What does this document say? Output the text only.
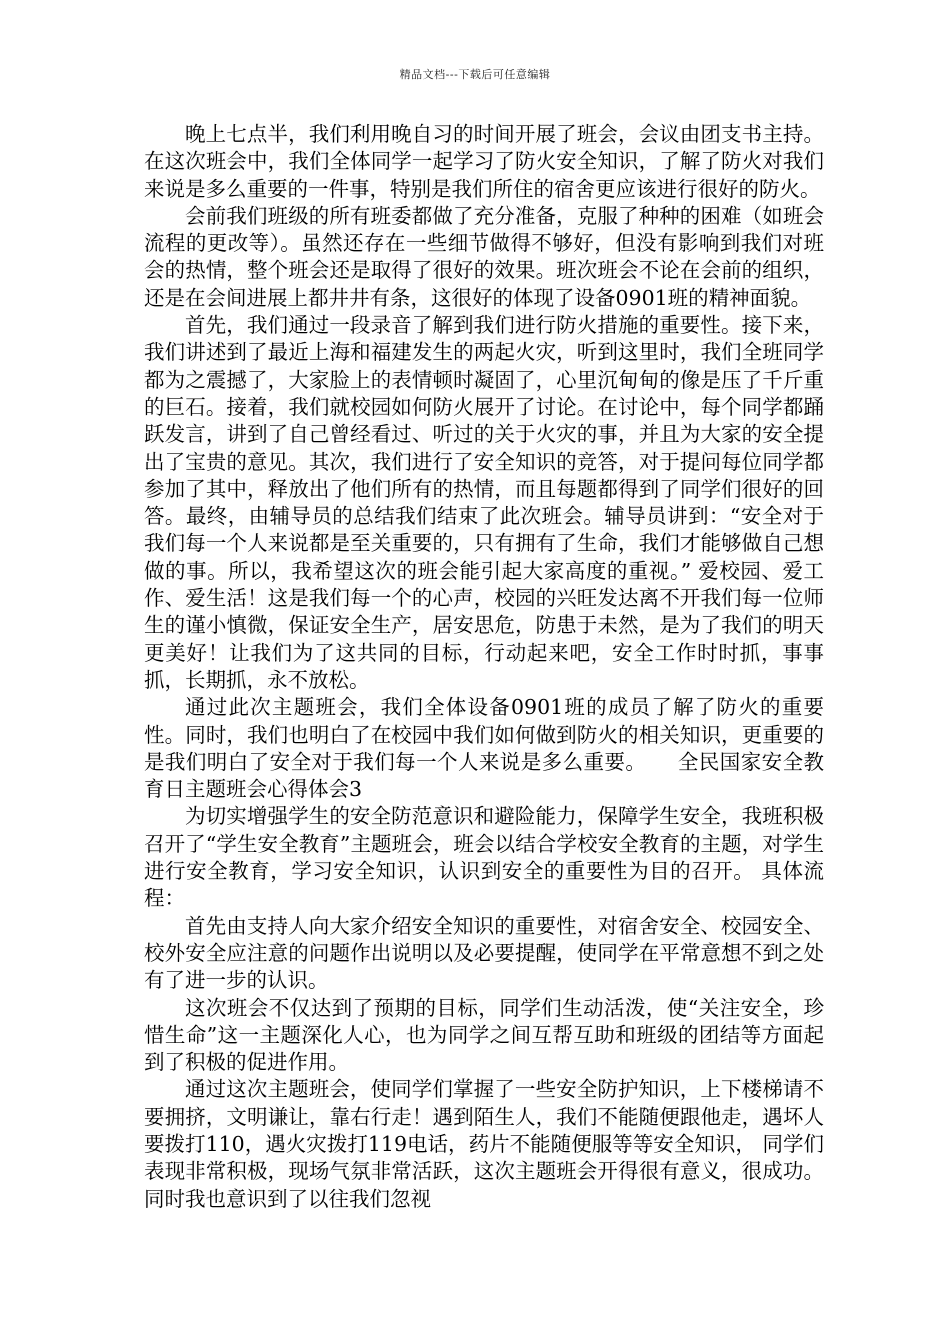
精品文档---下载后可任意编辑

晚上七点半，我们利用晚自习的时间开展了班会，会议由团支书主持。在这次班会中，我们全体同学一起学习了防火安全知识，了解了防火对我们来说是多么重要的一件事，特别是我们所住的宿舍更应该进行很好的防火。

会前我们班级的所有班委都做了充分准备，克服了种种的困难（如班会流程的更改等）。虽然还存在一些细节做得不够好，但没有影响到我们对班会的热情，整个班会还是取得了很好的效果。班次班会不论在会前的组织，还是在会间进展上都井井有条，这很好的体现了设备0901班的精神面貌。

首先，我们通过一段录音了解到我们进行防火措施的重要性。接下来，我们讲述到了最近上海和福建发生的两起火灾，听到这里时，我们全班同学都为之震撼了，大家脸上的表情顿时凝固了，心里沉甸甸的像是压了千斤重的巨石。接着，我们就校园如何防火展开了讨论。在讨论中，每个同学都踊跃发言，讲到了自己曾经看过、听过的关于火灾的事，并且为大家的安全提出了宝贵的意见。其次，我们进行了安全知识的竞答，对于提问每位同学都参加了其中，释放出了他们所有的热情，而且每题都得到了同学们很好的回答。最终，由辅导员的总结我们结束了此次班会。辅导员讲到：“安全对于我们每一个人来说都是至关重要的，只有拥有了生命，我们才能够做自己想做的事。所以，我希望这次的班会能引起大家高度的重视。” 爱校园、爱工作、爱生活！这是我们每一个的心声，校园的兴旺发达离不开我们每一位师生的谨小慎微，保证安全生产，居安思危，防患于未然，是为了我们的明天更美好！让我们为了这共同的目标，行动起来吧，安全工作时时抓，事事抓，长期抓，永不放松。

通过此次主题班会，我们全体设备0901班的成员了解了防火的重要性。同时，我们也明白了在校园中我们如何做到防火的相关知识，更重要的是我们明白了安全对于我们每一个人来说是多么重要。　　全民国家安全教育日主题班会心得体会3

为切实增强学生的安全防范意识和避险能力，保障学生安全，我班积极召开了“学生安全教育”主题班会，班会以结合学校安全教育的主题，对学生进行安全教育，学习安全知识，认识到安全的重要性为目的召开。 具体流程：

首先由支持人向大家介绍安全知识的重要性，对宿舍安全、校园安全、校外安全应注意的问题作出说明以及必要提醒，使同学在平常意想不到之处有了进一步的认识。

这次班会不仅达到了预期的目标，同学们生动活泼，使“关注安全，珍惜生命”这一主题深化人心，也为同学之间互帮互助和班级的团结等方面起到了积极的促进作用。

通过这次主题班会，使同学们掌握了一些安全防护知识，上下楼梯请不要拥挤，文明谦让，靠右行走！遇到陌生人，我们不能随便跟他走，遇坏人要拨打110，遇火灾拨打119电话，药片不能随便服等等安全知识， 同学们表现非常积极，现场气氛非常活跃，这次主题班会开得很有意义，很成功。 同时我也意识到了以往我们忽视
